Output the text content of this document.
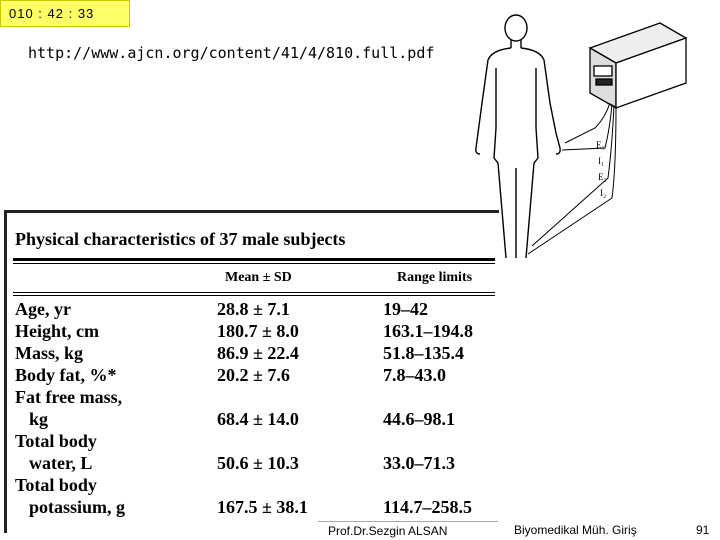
010 : 42 : 33
http://www.ajcn.org/content/41/4/810.full.pdf
E₁
I₁
E₂
I₂
Physical characteristics of 37 male subjects
Mean ± SD	Range limits
Age, yr	28.8 ± 7.1	19–42
Height, cm	180.7 ± 8.0	163.1–194.8
Mass, kg	86.9 ± 22.4	51.8–135.4
Body fat, %*	20.2 ± 7.6	7.8–43.0
Fat free mass,
kg	68.4 ± 14.0	44.6–98.1
Total body
water, L	50.6 ± 10.3	33.0–71.3
Total body
potassium, g	167.5 ± 38.1	114.7–258.5
Prof.Dr.Sezgin ALSAN	Biyomedikal Müh. Giriş	91
